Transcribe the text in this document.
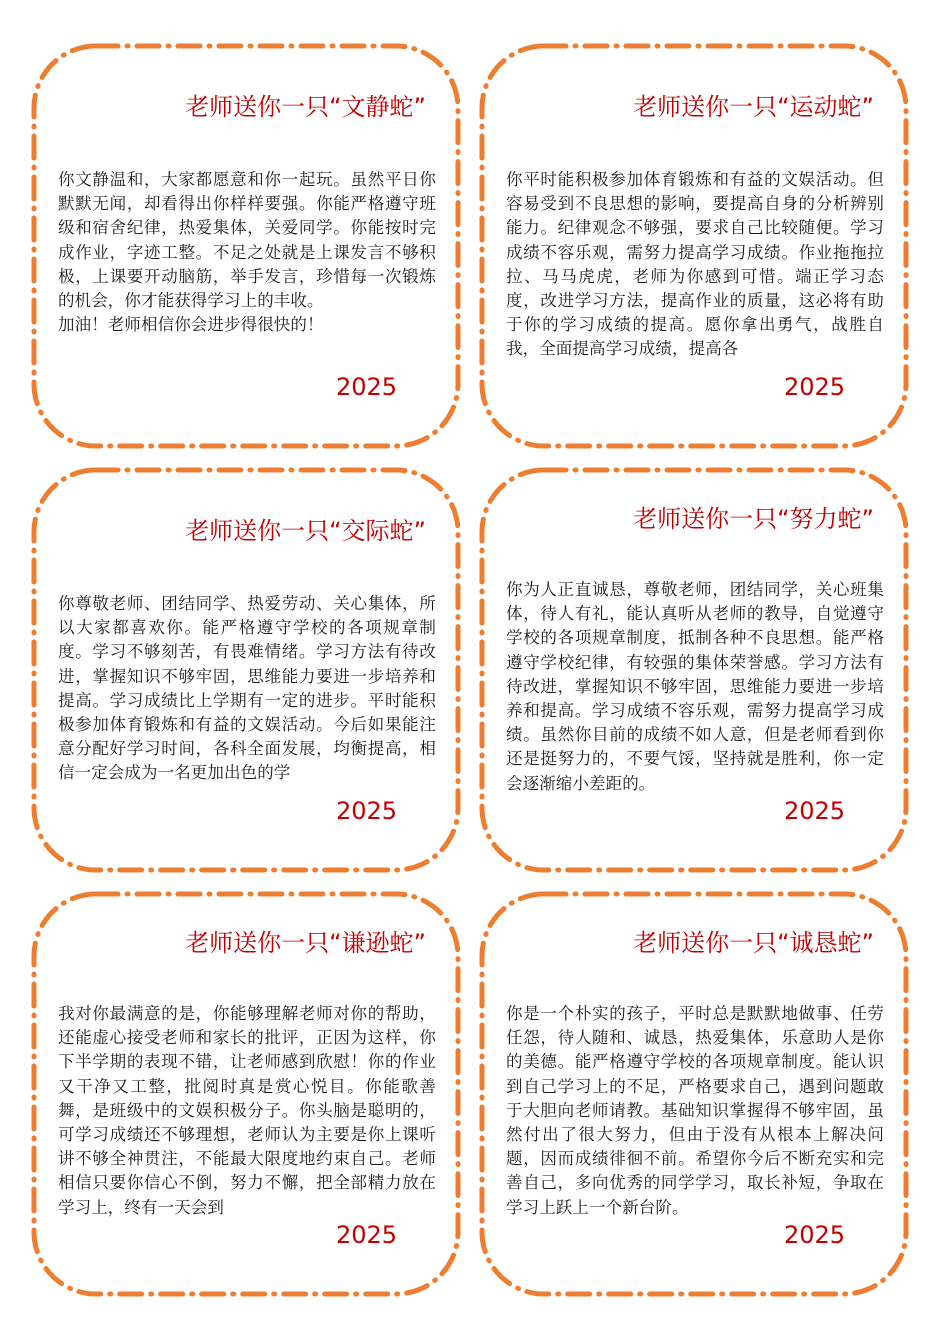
老师送你一只“文静蛇”
你文静温和，大家都愿意和你一起玩。虽然平日你默默无闻，却看得出你样样要强。你能严格遵守班级和宿舍纪律，热爱集体，关爱同学。你能按时完成作业，字迹工整。不足之处就是上课发言不够积极，上课要开动脑筋，举手发言，珍惜每一次锻炼的机会，你才能获得学习上的丰收。
加油！老师相信你会进步得很快的！
2025
老师送你一只“运动蛇”
你平时能积极参加体育锻炼和有益的文娱活动。但容易受到不良思想的影响，要提高自身的分析辨别能力。纪律观念不够强，要求自己比较随便。学习成绩不容乐观，需努力提高学习成绩。作业拖拖拉拉、马马虎虎，老师为你感到可惜。端正学习态度，改进学习方法，提高作业的质量，这必将有助于你的学习成绩的提高。愿你拿出勇气，战胜自我，全面提高学习成绩，提高各
2025
老师送你一只“交际蛇”
你尊敬老师、团结同学、热爱劳动、关心集体，所以大家都喜欢你。能严格遵守学校的各项规章制度。学习不够刻苦，有畏难情绪。学习方法有待改进，掌握知识不够牢固，思维能力要进一步培养和提高。学习成绩比上学期有一定的进步。平时能积极参加体育锻炼和有益的文娱活动。今后如果能注意分配好学习时间，各科全面发展，均衡提高，相信一定会成为一名更加出色的学
2025
老师送你一只“努力蛇”
你为人正直诚恳，尊敬老师，团结同学，关心班集体，待人有礼，能认真听从老师的教导，自觉遵守学校的各项规章制度，抵制各种不良思想。能严格遵守学校纪律，有较强的集体荣誉感。学习方法有待改进，掌握知识不够牢固，思维能力要进一步培养和提高。学习成绩不容乐观，需努力提高学习成绩。虽然你目前的成绩不如人意，但是老师看到你还是挺努力的，不要气馁，坚持就是胜利，你一定会逐渐缩小差距的。
2025
老师送你一只“谦逊蛇”
我对你最满意的是，你能够理解老师对你的帮助，还能虚心接受老师和家长的批评，正因为这样，你下半学期的表现不错，让老师感到欣慰！你的作业又干净又工整，批阅时真是赏心悦目。你能歌善舞，是班级中的文娱积极分子。你头脑是聪明的，可学习成绩还不够理想，老师认为主要是你上课听讲不够全神贯注，不能最大限度地约束自己。老师相信只要你信心不倒，努力不懈，把全部精力放在学习上，终有一天会到
2025
老师送你一只“诚恳蛇”
你是一个朴实的孩子，平时总是默默地做事、任劳任怨，待人随和、诚恳，热爱集体，乐意助人是你的美德。能严格遵守学校的各项规章制度。能认识到自己学习上的不足，严格要求自己，遇到问题敢于大胆向老师请教。基础知识掌握得不够牢固，虽然付出了很大努力，但由于没有从根本上解决问题，因而成绩徘徊不前。希望你今后不断充实和完善自己，多向优秀的同学学习，取长补短，争取在学习上跃上一个新台阶。
2025
